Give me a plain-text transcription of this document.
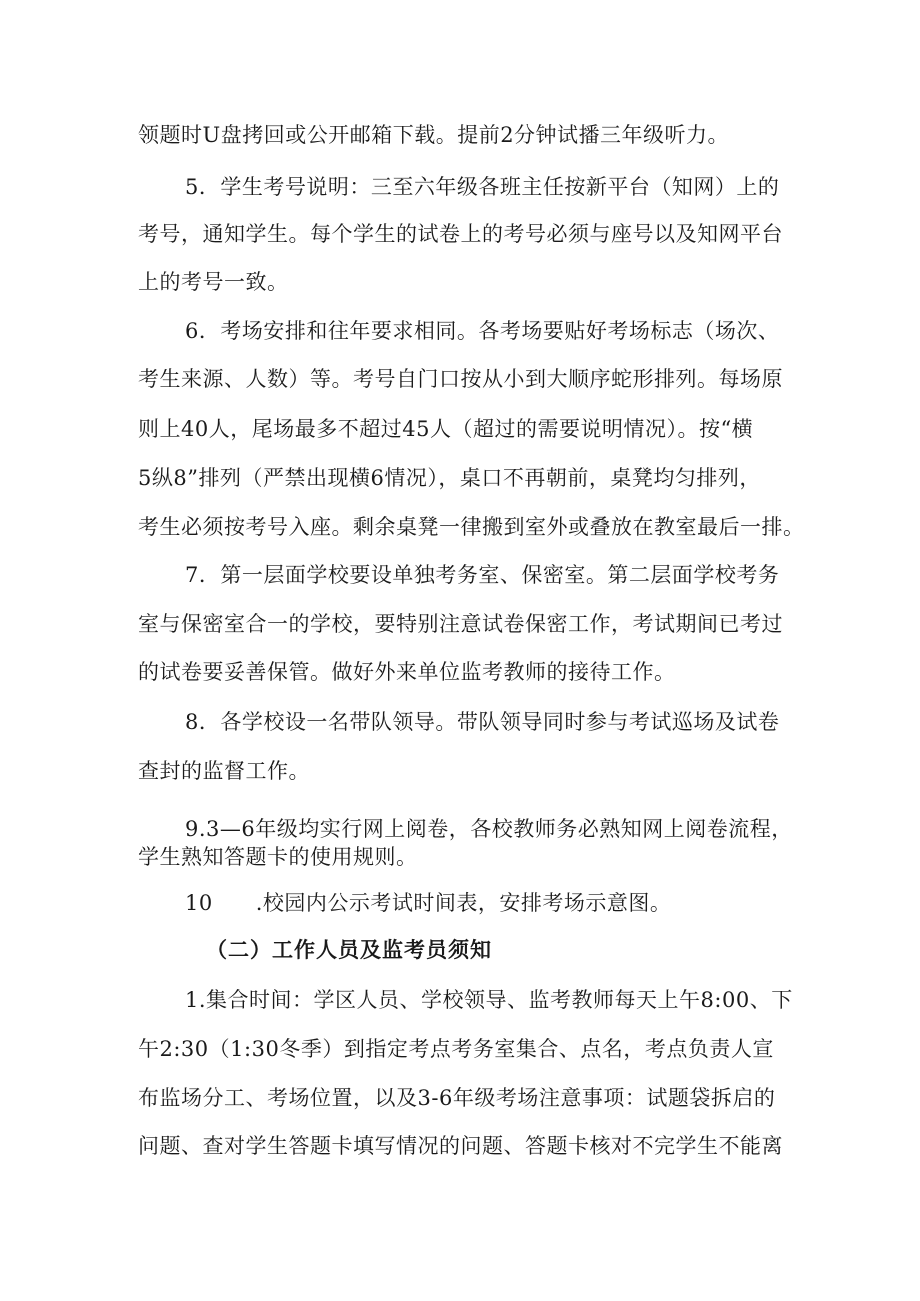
领题时U盘拷回或公开邮箱下载。提前2分钟试播三年级听力。
5．学生考号说明：三至六年级各班主任按新平台（知网）上的
考号，通知学生。每个学生的试卷上的考号必须与座号以及知网平台
上的考号一致。
6．考场安排和往年要求相同。各考场要贴好考场标志（场次、
考生来源、人数）等。考号自门口按从小到大顺序蛇形排列。每场原
则上40人，尾场最多不超过45人（超过的需要说明情况）。按“横
5纵8”排列（严禁出现横6情况），桌口不再朝前，桌凳均匀排列，
考生必须按考号入座。剩余桌凳一律搬到室外或叠放在教室最后一排。
7．第一层面学校要设单独考务室、保密室。第二层面学校考务
室与保密室合一的学校，要特别注意试卷保密工作，考试期间已考过
的试卷要妥善保管。做好外来单位监考教师的接待工作。
8．各学校设一名带队领导。带队领导同时参与考试巡场及试卷
查封的监督工作。
9.3—6年级均实行网上阅卷，各校教师务必熟知网上阅卷流程，
学生熟知答题卡的使用规则。
10　　.校园内公示考试时间表，安排考场示意图。
（二）工作人员及监考员须知
1.集合时间：学区人员、学校领导、监考教师每天上午8:00、下
午2:30（1:30冬季）到指定考点考务室集合、点名，考点负责人宣
布监场分工、考场位置，以及3-6年级考场注意事项：试题袋拆启的
问题、查对学生答题卡填写情况的问题、答题卡核对不完学生不能离
